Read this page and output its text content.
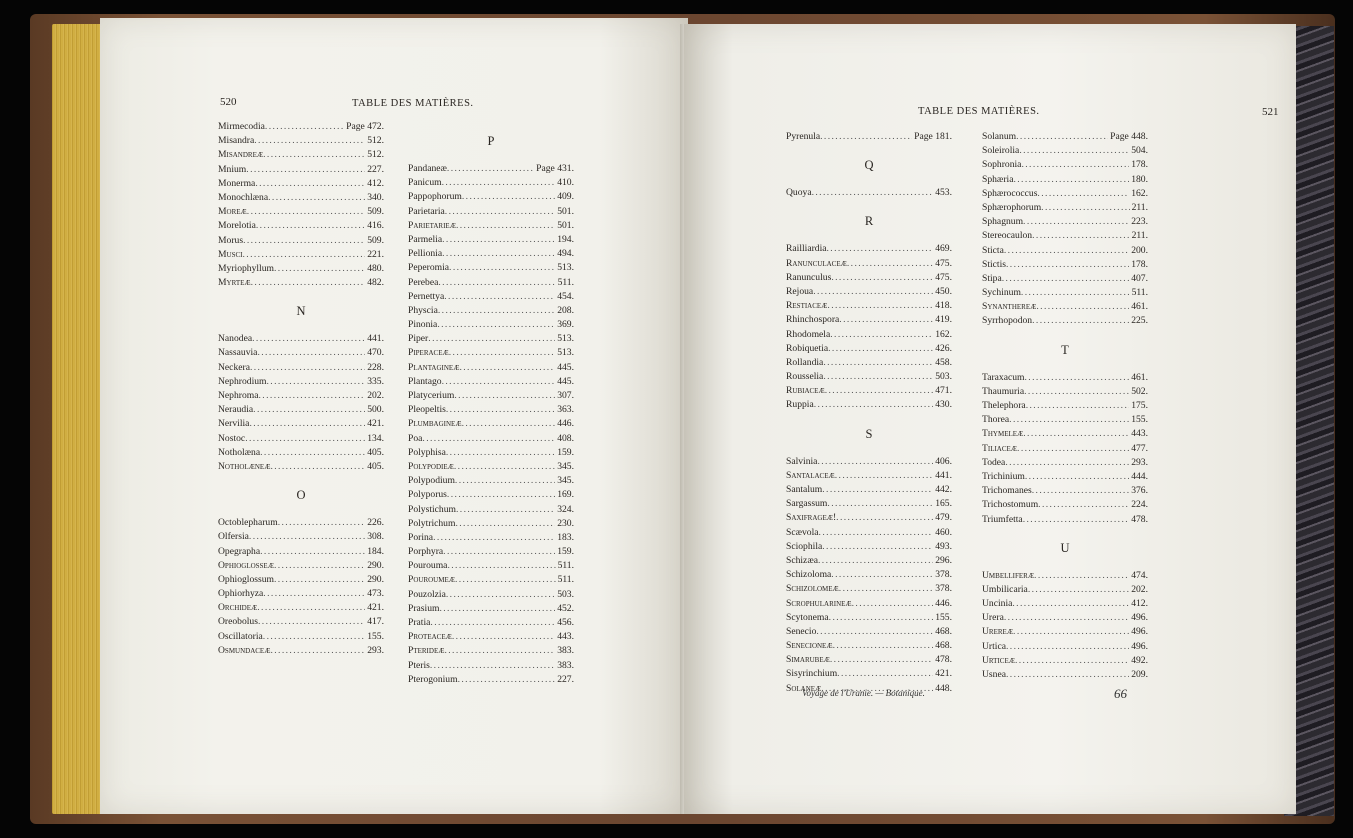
520	TABLE DES MATIÈRES.
Mirmecodia .....	Page 472.
Misandra .....	512.
Misandreæ .....	512.
Mnium .....	227.
Monerma .....	412.
Monochlæna .....	340.
Moreæ .....	509.
Morelotia .....	416.
Morus .....	509.
Musci .....	221.
Myriophyllum .....	480.
Myrteæ .....	482.
N
Nanodea .....	441.
Nassauvia .....	470.
Neckera .....	228.
Nephrodium .....	335.
Nephroma .....	202.
Neraudia .....	500.
Nervilia .....	421.
Nostoc .....	134.
Notholæna .....	405.
Notholæneæ .....	405.
O
Octoblepharum .....	226.
Olfersia .....	308.
Opegrapha .....	184.
Ophioglosseæ .....	290.
Ophioglossum .....	290.
Ophiorhyza .....	473.
Orchideæ .....	421.
Oreobolus .....	417.
Oscillatoria .....	155.
Osmundaceæ .....	293.
P
Pandaneæ .....	Page 431.
Panicum .....	410.
Pappophorum .....	409.
Parietaria .....	501.
Parietarieæ .....	501.
Parmelia .....	194.
Pellionia .....	494.
Peperomia .....	513.
Perebea .....	511.
Pernettya .....	454.
Physcia .....	208.
Pinonia .....	369.
Piper .....	513.
Piperaceæ .....	513.
Plantagineæ .....	445.
Plantago .....	445.
Platycerium .....	307.
Pleopeltis .....	363.
Plumbagineæ .....	446.
Poa .....	408.
Polyphisa .....	159.
Polypodieæ .....	345.
Polypodium .....	345.
Polyporus .....	169.
Polystichum .....	324.
Polytrichum .....	230.
Porina .....	183.
Porphyra .....	159.
Pourouma .....	511.
Pouroumeæ .....	511.
Pouzolzia .....	503.
Prasium .....	452.
Pratia .....	456.
Proteaceæ .....	443.
Pterideæ .....	383.
Pteris .....	383.
Pterogonium .....	227.
TABLE DES MATIÈRES.	521
Pyrenula .....	Page 181.
Q
Quoya .....	453.
R
Railliardia .....	469.
Ranunculaceæ .....	475.
Ranunculus .....	475.
Rejoua .....	450.
Restiaceæ .....	418.
Rhinchospora .....	419.
Rhodomela .....	162.
Robiquetia .....	426.
Rollandia .....	458.
Rousselia .....	503.
Rubiaceæ .....	471.
Ruppia .....	430.
S
Salvinia .....	406.
Santalaceæ .....	441.
Santalum .....	442.
Sargassum .....	165.
Saxifrageæ! .....	479.
Scævola .....	460.
Sciophila .....	493.
Schizæa .....	296.
Schizoloma .....	378.
Schizolomeæ .....	378.
Scrophularineæ .....	446.
Scytonema .....	155.
Senecio .....	468.
Senecioneæ .....	468.
Simarubeæ .....	478.
Sisyrinchium .....	421.
Solaneæ .....	448.
Solanum .....	Page 448.
Soleirolia .....	504.
Sophronia .....	178.
Sphæria .....	180.
Sphærococcus .....	162.
Sphærophorum .....	211.
Sphagnum .....	223.
Stereocaulon .....	211.
Sticta .....	200.
Stictis .....	178.
Stipa .....	407.
Sychinum .....	511.
Synanthereæ .....	461.
Syrrhopodon .....	225.
T
Taraxacum .....	461.
Thaumuria .....	502.
Thelephora .....	175.
Thorea .....	155.
Thymeleæ .....	443.
Tiliaceæ .....	477.
Todea .....	293.
Trichinium .....	444.
Trichomanes .....	376.
Trichostomum .....	224.
Triumfetta .....	478.
U
Umbelliferæ .....	474.
Umbilicaria .....	202.
Uncinia .....	412.
Urera .....	496.
Urereæ .....	496.
Urtica .....	496.
Urticeæ .....	492.
Usnea .....	209.
Voyage de l'Uranie. — Botanique.	66
